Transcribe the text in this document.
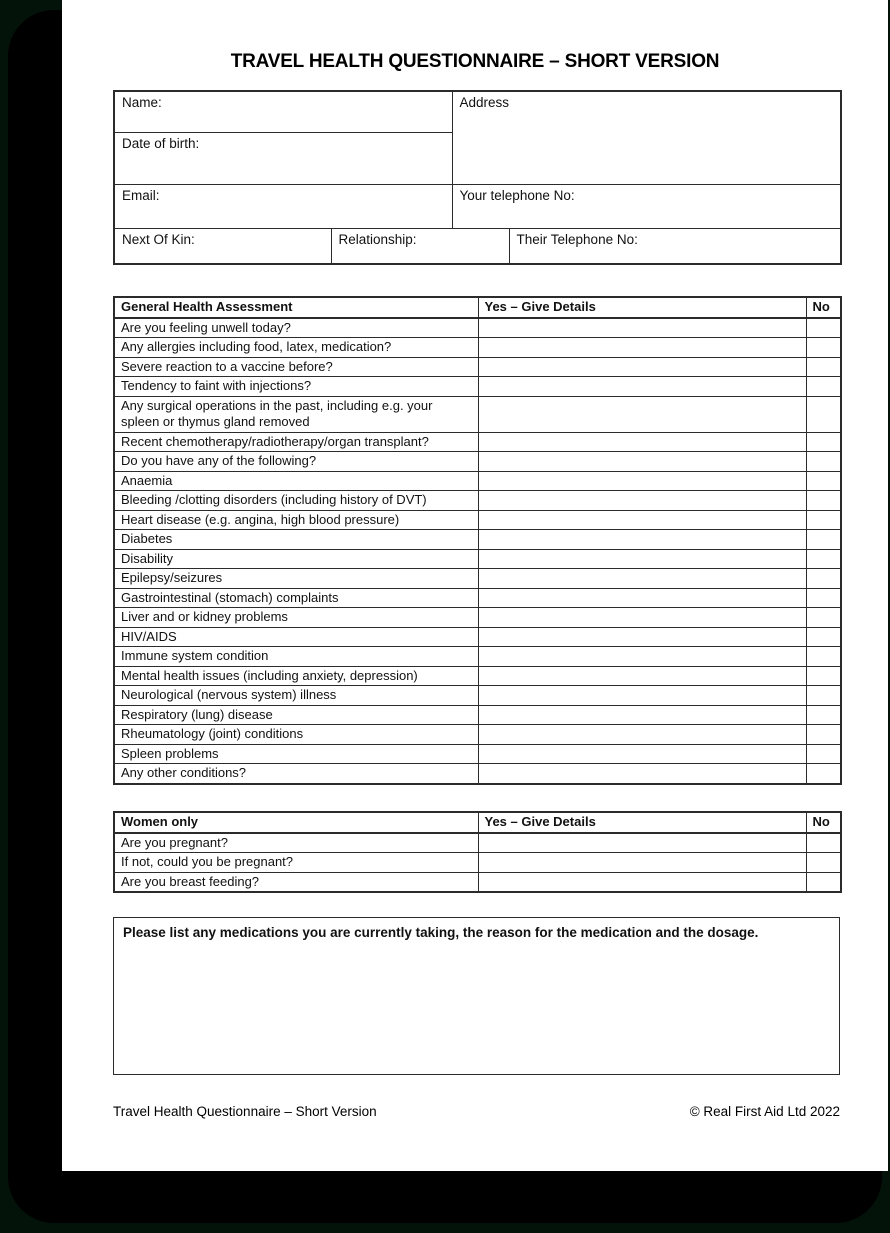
TRAVEL HEALTH QUESTIONNAIRE – SHORT VERSION
Name:		Address	
Date of birth:			
Email:		Your telephone No:	
Next Of Kin:	Relationship:		Their Telephone No:
General Health Assessment	Yes – Give Details	No
Are you feeling unwell today?		
Any allergies including food, latex, medication?		
Severe reaction to a vaccine before?		
Tendency to faint with injections?		
Any surgical operations in the past, including e.g. your spleen or thymus gland removed		
Recent chemotherapy/radiotherapy/organ transplant?		
Do you have any of the following?		
Anaemia		
Bleeding /clotting disorders (including history of DVT)		
Heart disease (e.g. angina, high blood pressure)		
Diabetes		
Disability		
Epilepsy/seizures		
Gastrointestinal (stomach) complaints		
Liver and or kidney problems		
HIV/AIDS		
Immune system condition		
Mental health issues (including anxiety, depression)		
Neurological (nervous system) illness		
Respiratory (lung) disease		
Rheumatology (joint) conditions		
Spleen problems		
Any other conditions?		
Women only	Yes – Give Details	No
Are you pregnant?		
If not, could you be pregnant?		
Are you breast feeding?		
Please list any medications you are currently taking, the reason for the medication and the dosage.
Travel Health Questionnaire – Short Version	© Real First Aid Ltd 2022
